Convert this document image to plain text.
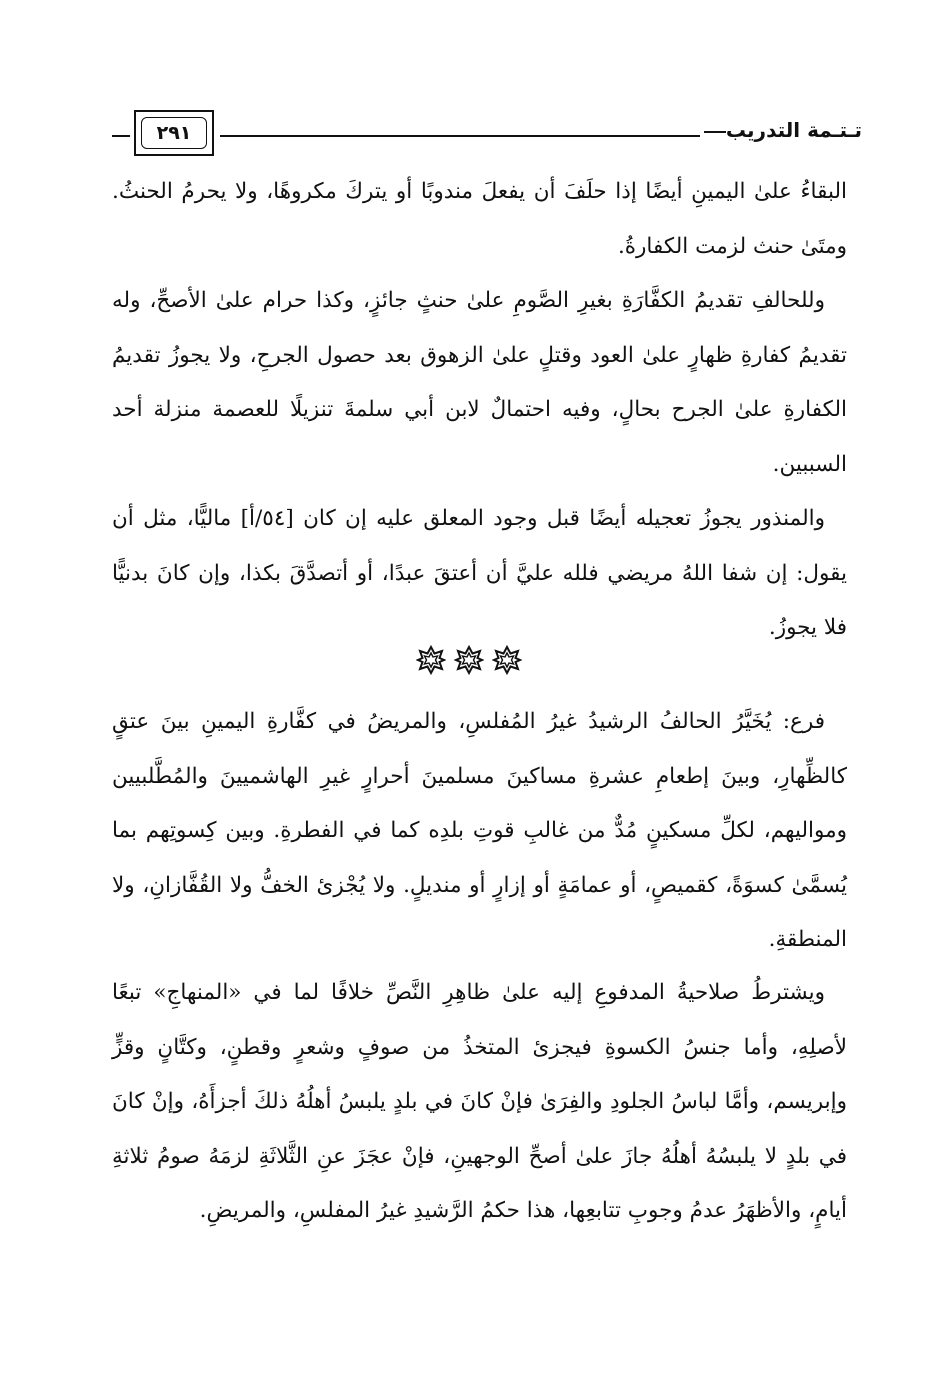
٢٩١	تـتـمة التدريب

البقاءُ علىٰ اليمينِ أيضًا إذا حلَفَ أن يفعلَ مندوبًا أو يتركَ مكروهًا، ولا يحرمُ الحنثُ. ومتَىٰ حنث لزمت الكفارةُ.

وللحالفِ تقديمُ الكفَّارَةِ بغيرِ الصَّومِ علىٰ حنثٍ جائزٍ، وكذا حرام علىٰ الأصحِّ، وله تقديمُ كفارةِ ظهارٍ علىٰ العود وقتلٍ علىٰ الزهوق بعد حصول الجرحِ، ولا يجوزُ تقديمُ الكفارةِ علىٰ الجرح بحالٍ، وفيه احتمالٌ لابن أبي سلمةَ تنزيلًا للعصمة منزلة أحد السببين.

والمنذور يجوزُ تعجيله أيضًا قبل وجود المعلق عليه إن كان [٥٤/أ] ماليًّا، مثل أن يقول: إن شفا اللهُ مريضي فلله عليَّ أن أعتقَ عبدًا، أو أتصدَّقَ بكذا، وإن كانَ بدنيًّا فلا يجوزُ.

فرع: يُخَيَّرُ الحالفُ الرشيدُ غيرُ المُفلسِ، والمريضُ في كفَّارةِ اليمينِ بينَ عتقٍ كالظِّهارِ، وبينَ إطعامِ عشرةِ مساكينَ مسلمينَ أحرارٍ غيرِ الهاشميينَ والمُطَّلبيين ومواليهم، لكلِّ مسكينٍ مُدٌّ من غالبِ قوتِ بلدِه كما في الفطرةِ. وبين كِسوتِهم بما يُسمَّىٰ كسوَةً، كقميصٍ، أو عمامَةٍ أو إزارٍ أو منديلٍ. ولا يُجْزئ الخفُّ ولا القُفَّازانِ، ولا المنطقةِ.

ويشترطُ صلاحيةُ المدفوعِ إليه علىٰ ظاهِرِ النَّصِّ خلافًا لما في «المنهاجِ» تبعًا لأصلِهِ، وأما جنسُ الكسوةِ فيجزئ المتخذُ من صوفٍ وشعرٍ وقطنٍ، وكتَّانٍ وقزٍّ وإبريسم، وأمَّا لباسُ الجلودِ والفِرَىٰ فإنْ كانَ في بلدٍ يلبسُ أهلُهُ ذلكَ أجزأَهُ، وإنْ كانَ في بلدٍ لا يلبسُهُ أهلُهُ جازَ علىٰ أصحِّ الوجهينِ، فإنْ عجَزَ عنِ الثَّلاثَةِ لزمَهُ صومُ ثلاثةِ أيامٍ، والأظهَرُ عدمُ وجوبِ تتابعِها، هذا حكمُ الرَّشيدِ غيرُ المفلسِ، والمريضِ.
